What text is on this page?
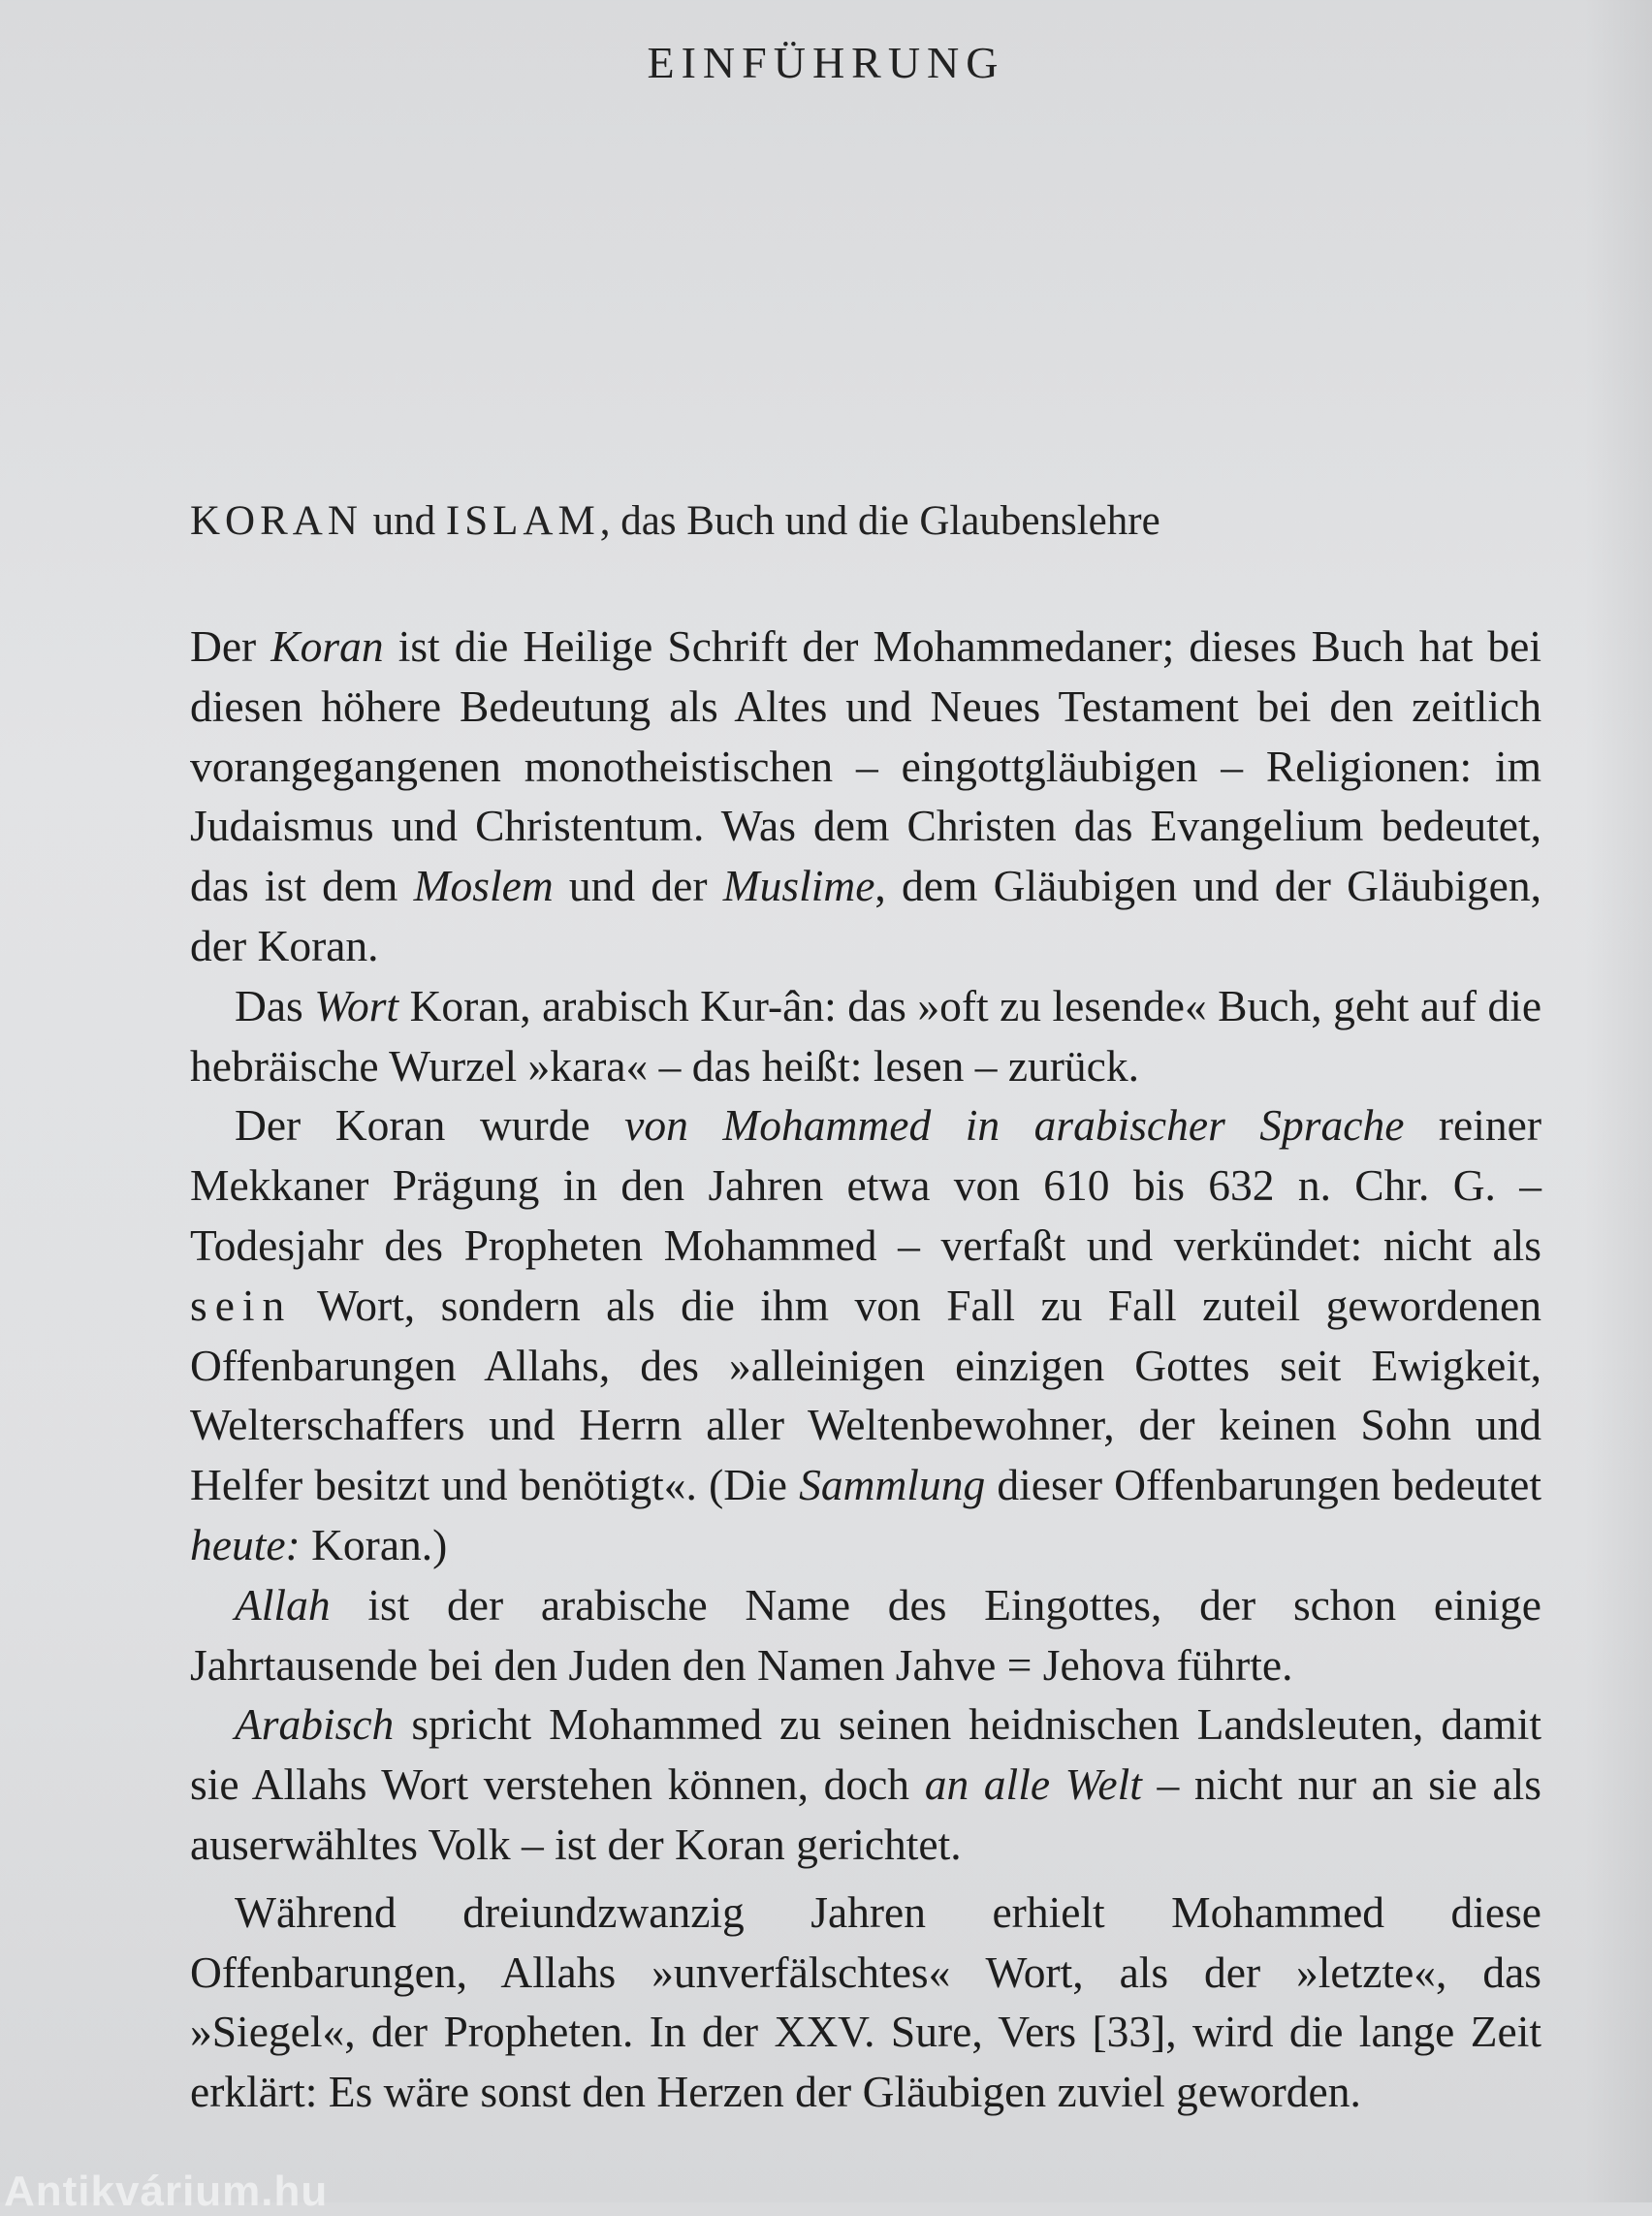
EINFÜHRUNG
KORAN und ISLAM, das Buch und die Glaubenslehre

Der Koran ist die Heilige Schrift der Mohammedaner; dieses Buch hat bei diesen höhere Bedeutung als Altes und Neues Testament bei den zeitlich vorangegangenen monotheistischen – eingottgläubigen – Religionen: im Judaismus und Christentum. Was dem Christen das Evangelium bedeutet, das ist dem Moslem und der Muslime, dem Gläubigen und der Gläubigen, der Koran.

Das Wort Koran, arabisch Kur-ân: das »oft zu lesende« Buch, geht auf die hebräische Wurzel »kara« – das heißt: lesen – zurück.

Der Koran wurde von Mohammed in arabischer Sprache reiner Mekkaner Prägung in den Jahren etwa von 610 bis 632 n. Chr. G. – Todesjahr des Propheten Mohammed – verfaßt und verkündet: nicht als sein Wort, sondern als die ihm von Fall zu Fall zuteil gewordenen Offenbarungen Allahs, des »alleinigen einzigen Gottes seit Ewigkeit, Welterschaffers und Herrn aller Weltenbewohner, der keinen Sohn und Helfer besitzt und benötigt«. (Die Sammlung dieser Offenbarungen bedeutet heute: Koran.)

Allah ist der arabische Name des Eingottes, der schon einige Jahrtausende bei den Juden den Namen Jahve = Jehova führte.

Arabisch spricht Mohammed zu seinen heidnischen Landsleuten, damit sie Allahs Wort verstehen können, doch an alle Welt – nicht nur an sie als auserwähltes Volk – ist der Koran gerichtet.

Während dreiundzwanzig Jahren erhielt Mohammed diese Offenbarungen, Allahs »unverfälschtes« Wort, als der »letzte«, das »Siegel«, der Propheten. In der XXV. Sure, Vers [33], wird die lange Zeit erklärt: Es wäre sonst den Herzen der Gläubigen zuviel geworden.

Antikvárium.hu
